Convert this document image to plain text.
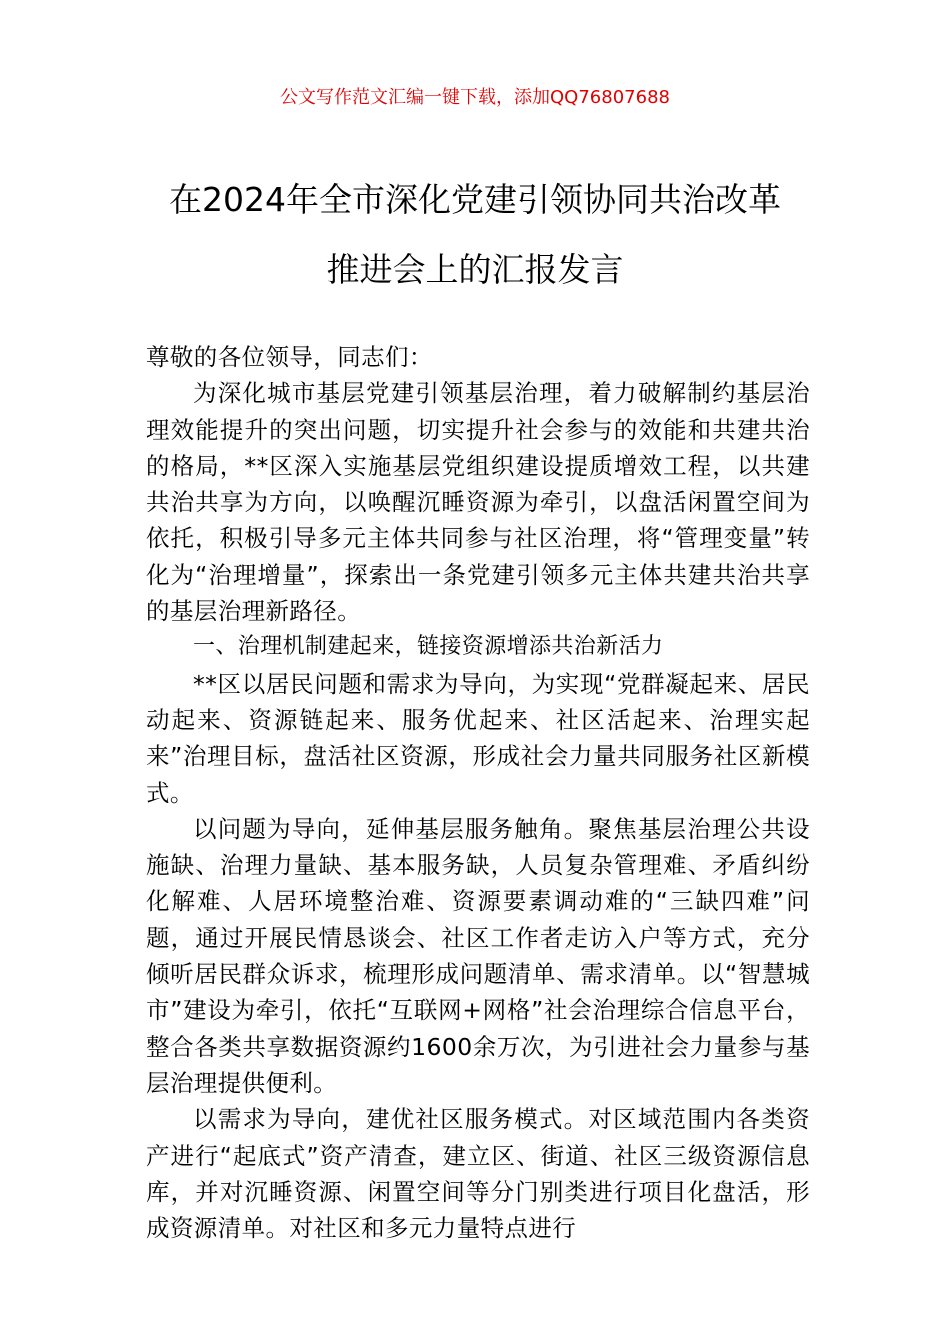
公文写作范文汇编一键下载，添加QQ76807688
在2024年全市深化党建引领协同共治改革
推进会上的汇报发言

尊敬的各位领导，同志们：

为深化城市基层党建引领基层治理，着力破解制约基层治理效能提升的突出问题，切实提升社会参与的效能和共建共治的格局，**区深入实施基层党组织建设提质增效工程，以共建共治共享为方向，以唤醒沉睡资源为牵引，以盘活闲置空间为依托，积极引导多元主体共同参与社区治理，将“管理变量”转化为“治理增量”，探索出一条党建引领多元主体共建共治共享的基层治理新路径。

一、治理机制建起来，链接资源增添共治新活力

**区以居民问题和需求为导向，为实现“党群凝起来、居民动起来、资源链起来、服务优起来、社区活起来、治理实起来”治理目标，盘活社区资源，形成社会力量共同服务社区新模式。

以问题为导向，延伸基层服务触角。聚焦基层治理公共设施缺、治理力量缺、基本服务缺，人员复杂管理难、矛盾纠纷化解难、人居环境整治难、资源要素调动难的“三缺四难”问题，通过开展民情恳谈会、社区工作者走访入户等方式，充分倾听居民群众诉求，梳理形成问题清单、需求清单。以“智慧城市”建设为牵引，依托“互联网+网格”社会治理综合信息平台，整合各类共享数据资源约1600余万次，为引进社会力量参与基层治理提供便利。

以需求为导向，建优社区服务模式。对区域范围内各类资产进行“起底式”资产清查，建立区、街道、社区三级资源信息库，并对沉睡资源、闲置空间等分门别类进行项目化盘活，形成资源清单。对社区和多元力量特点进行
